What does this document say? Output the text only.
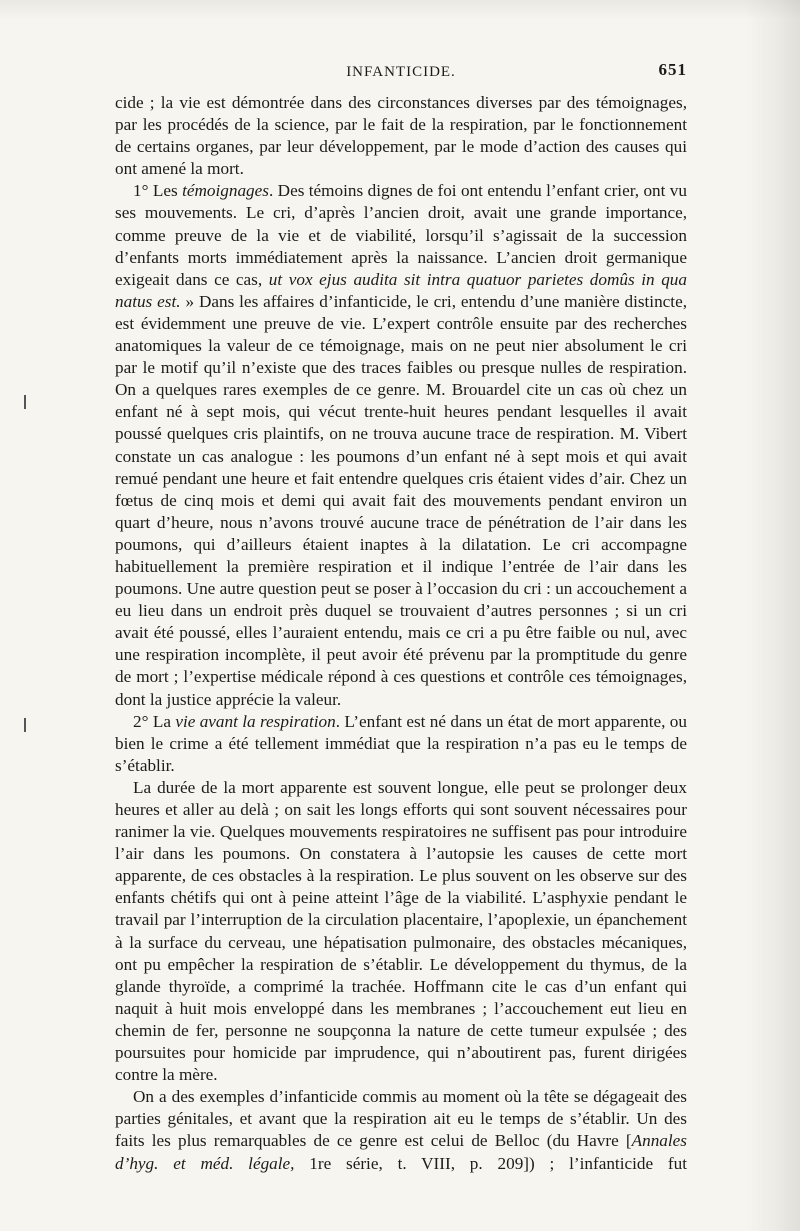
INFANTICIDE.	651

cide ; la vie est démontrée dans des circonstances diverses par des témoignages, par les procédés de la science, par le fait de la respiration, par le fonctionnement de certains organes, par leur développement, par le mode d’action des causes qui ont amené la mort.

1° Les témoignages. Des témoins dignes de foi ont entendu l’enfant crier, ont vu ses mouvements. Le cri, d’après l’ancien droit, avait une grande importance, comme preuve de la vie et de viabilité, lorsqu’il s’agissait de la succession d’enfants morts immédiatement après la naissance. L’ancien droit germanique exigeait dans ce cas, ut vox ejus audita sit intra quatuor parietes domûs in qua natus est. » Dans les affaires d’infanticide, le cri, entendu d’une manière distincte, est évidemment une preuve de vie. L’expert contrôle ensuite par des recherches anatomiques la valeur de ce témoignage, mais on ne peut nier absolument le cri par le motif qu’il n’existe que des traces faibles ou presque nulles de respiration. On a quelques rares exemples de ce genre. M. Brouardel cite un cas où chez un enfant né à sept mois, qui vécut trente-huit heures pendant lesquelles il avait poussé quelques cris plaintifs, on ne trouva aucune trace de respiration. M. Vibert constate un cas analogue : les poumons d’un enfant né à sept mois et qui avait remué pendant une heure et fait entendre quelques cris étaient vides d’air. Chez un fœtus de cinq mois et demi qui avait fait des mouvements pendant environ un quart d’heure, nous n’avons trouvé aucune trace de pénétration de l’air dans les poumons, qui d’ailleurs étaient inaptes à la dilatation. Le cri accompagne habituellement la première respiration et il indique l’entrée de l’air dans les poumons. Une autre question peut se poser à l’occasion du cri : un accouchement a eu lieu dans un endroit près duquel se trouvaient d’autres personnes ; si un cri avait été poussé, elles l’auraient entendu, mais ce cri a pu être faible ou nul, avec une respiration incomplète, il peut avoir été prévenu par la promptitude du genre de mort ; l’expertise médicale répond à ces questions et contrôle ces témoignages, dont la justice apprécie la valeur.

2° La vie avant la respiration. L’enfant est né dans un état de mort apparente, ou bien le crime a été tellement immédiat que la respiration n’a pas eu le temps de s’établir.

La durée de la mort apparente est souvent longue, elle peut se prolonger deux heures et aller au delà ; on sait les longs efforts qui sont souvent nécessaires pour ranimer la vie. Quelques mouvements respiratoires ne suffisent pas pour introduire l’air dans les poumons. On constatera à l’autopsie les causes de cette mort apparente, de ces obstacles à la respiration. Le plus souvent on les observe sur des enfants chétifs qui ont à peine atteint l’âge de la viabilité. L’asphyxie pendant le travail par l’interruption de la circulation placentaire, l’apoplexie, un épanchement à la surface du cerveau, une hépatisation pulmonaire, des obstacles mécaniques, ont pu empêcher la respiration de s’établir. Le développement du thymus, de la glande thyroïde, a comprimé la trachée. Hoffmann cite le cas d’un enfant qui naquit à huit mois enveloppé dans les membranes ; l’accouchement eut lieu en chemin de fer, personne ne soupçonna la nature de cette tumeur expulsée ; des poursuites pour homicide par imprudence, qui n’aboutirent pas, furent dirigées contre la mère.

On a des exemples d’infanticide commis au moment où la tête se dégageait des parties génitales, et avant que la respiration ait eu le temps de s’établir. Un des faits les plus remarquables de ce genre est celui de Belloc (du Havre [Annales d’hyg. et méd. légale, 1re série, t. VIII, p. 209]) ; l’infanticide fut
